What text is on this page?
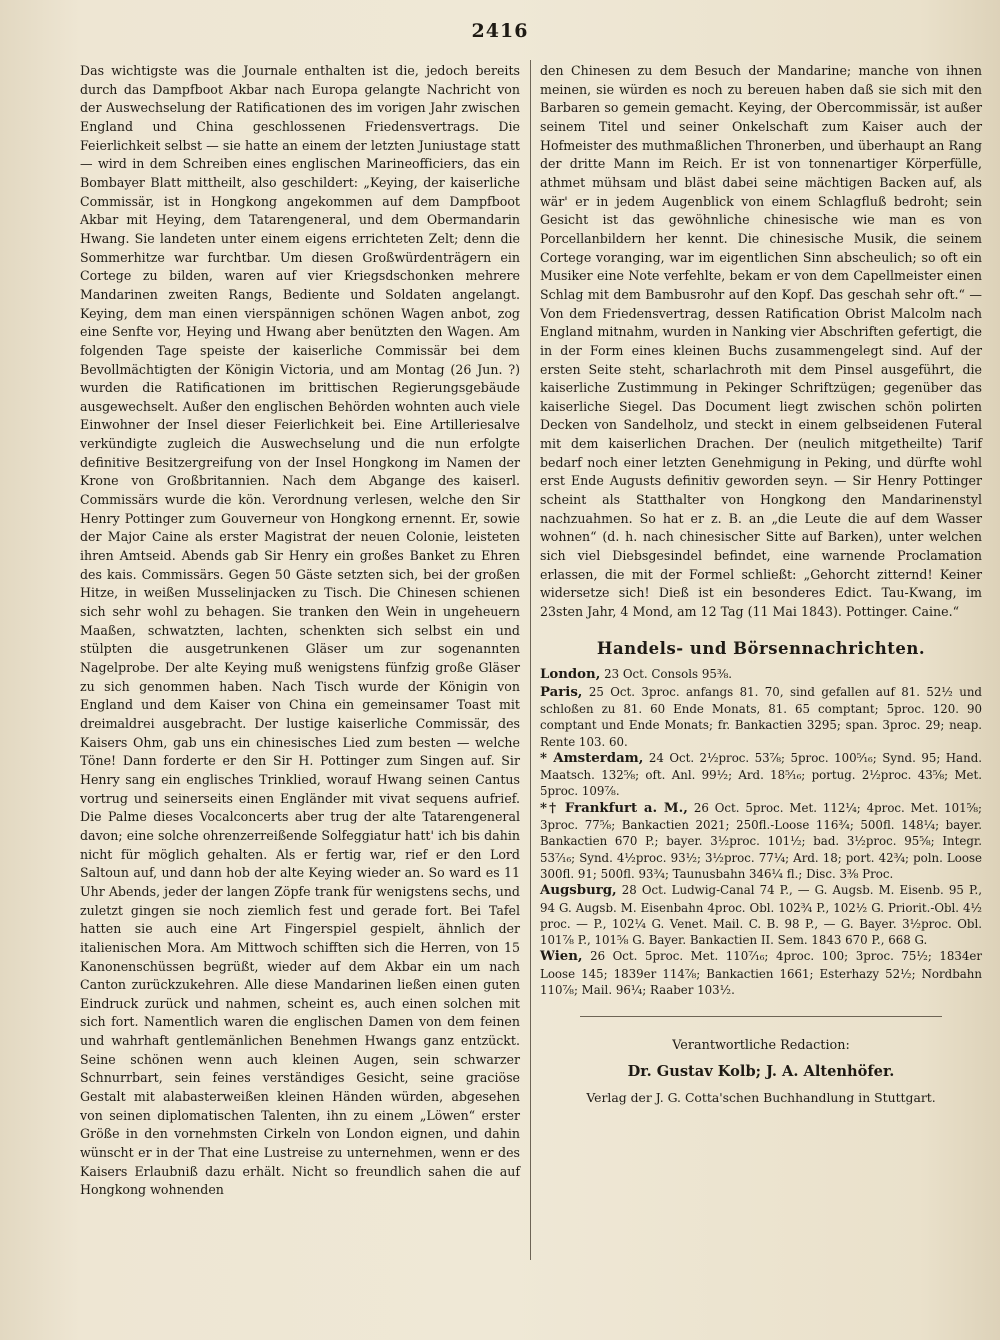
2416

Das wichtigste was die Journale enthalten ist die, jedoch bereits durch das Dampfboot Akbar nach Europa gelangte Nachricht von der Auswechselung der Ratificationen des im vorigen Jahr zwischen England und China geschlossenen Friedensvertrags. Die Feierlichkeit selbst — sie hatte an einem der letzten Juniustage statt — wird in dem Schreiben eines englischen Marineofficiers, das ein Bombayer Blatt mittheilt, also geschildert: „Keying, der kaiserliche Commissär, ist in Hongkong angekommen auf dem Dampfboot Akbar mit Heying, dem Tatarengeneral, und dem Obermandarin Hwang. Sie landeten unter einem eigens errichteten Zelt; denn die Sommerhitze war furchtbar. Um diesen Großwürdenträgern ein Cortege zu bilden, waren auf vier Kriegsdschonken mehrere Mandarinen zweiten Rangs, Bediente und Soldaten angelangt. Keying, dem man einen vierspännigen schönen Wagen anbot, zog eine Senfte vor, Heying und Hwang aber benützten den Wagen. Am folgenden Tage speiste der kaiserliche Commissär bei dem Bevollmächtigten der Königin Victoria, und am Montag (26 Jun. ?) wurden die Ratificationen im brittischen Regierungsgebäude ausgewechselt. Außer den englischen Behörden wohnten auch viele Einwohner der Insel dieser Feierlichkeit bei. Eine Artilleriesalve verkündigte zugleich die Auswechselung und die nun erfolgte definitive Besitzergreifung von der Insel Hongkong im Namen der Krone von Großbritannien. Nach dem Abgange des kaiserl. Commissärs wurde die kön. Verordnung verlesen, welche den Sir Henry Pottinger zum Gouverneur von Hongkong ernennt. Er, sowie der Major Caine als erster Magistrat der neuen Colonie, leisteten ihren Amtseid. Abends gab Sir Henry ein großes Banket zu Ehren des kais. Commissärs. Gegen 50 Gäste setzten sich, bei der großen Hitze, in weißen Musselinjacken zu Tisch. Die Chinesen schienen sich sehr wohl zu behagen. Sie tranken den Wein in ungeheuern Maaßen, schwatzten, lachten, schenkten sich selbst ein und stülpten die ausgetrunkenen Gläser um zur sogenannten Nagelprobe. Der alte Keying muß wenigstens fünfzig große Gläser zu sich genommen haben. Nach Tisch wurde der Königin von England und dem Kaiser von China ein gemeinsamer Toast mit dreimaldrei ausgebracht. Der lustige kaiserliche Commissär, des Kaisers Ohm, gab uns ein chinesisches Lied zum besten — welche Töne! Dann forderte er den Sir H. Pottinger zum Singen auf. Sir Henry sang ein englisches Trinklied, worauf Hwang seinen Cantus vortrug und seinerseits einen Engländer mit vivat sequens aufrief. Die Palme dieses Vocalconcerts aber trug der alte Tatarengeneral davon; eine solche ohrenzerreißende Solfeggiatur hatt' ich bis dahin nicht für möglich gehalten. Als er fertig war, rief er den Lord Saltoun auf, und dann hob der alte Keying wieder an. So ward es 11 Uhr Abends, jeder der langen Zöpfe trank für wenigstens sechs, und zuletzt gingen sie noch ziemlich fest und gerade fort. Bei Tafel hatten sie auch eine Art Fingerspiel gespielt, ähnlich der italienischen Mora. Am Mittwoch schifften sich die Herren, von 15 Kanonenschüssen begrüßt, wieder auf dem Akbar ein um nach Canton zurückzukehren. Alle diese Mandarinen ließen einen guten Eindruck zurück und nahmen, scheint es, auch einen solchen mit sich fort. Namentlich waren die englischen Damen von dem feinen und wahrhaft gentlemänlichen Benehmen Hwangs ganz entzückt. Seine schönen wenn auch kleinen Augen, sein schwarzer Schnurrbart, sein feines verständiges Gesicht, seine graciöse Gestalt mit alabasterweißen kleinen Händen würden, abgesehen von seinen diplomatischen Talenten, ihn zu einem „Löwen“ erster Größe in den vornehmsten Cirkeln von London eignen, und dahin wünscht er in der That eine Lustreise zu unternehmen, wenn er des Kaisers Erlaubniß dazu erhält. Nicht so freundlich sahen die auf Hongkong wohnenden

den Chinesen zu dem Besuch der Mandarine; manche von ihnen meinen, sie würden es noch zu bereuen haben daß sie sich mit den Barbaren so gemein gemacht. Keying, der Obercommissär, ist außer seinem Titel und seiner Onkelschaft zum Kaiser auch der Hofmeister des muthmaßlichen Thronerben, und überhaupt an Rang der dritte Mann im Reich. Er ist von tonnenartiger Körperfülle, athmet mühsam und bläst dabei seine mächtigen Backen auf, als wär' er in jedem Augenblick von einem Schlagfluß bedroht; sein Gesicht ist das gewöhnliche chinesische wie man es von Porcellanbildern her kennt. Die chinesische Musik, die seinem Cortege voranging, war im eigentlichen Sinn abscheulich; so oft ein Musiker eine Note verfehlte, bekam er von dem Capellmeister einen Schlag mit dem Bambusrohr auf den Kopf. Das geschah sehr oft.“ — Von dem Friedensvertrag, dessen Ratification Obrist Malcolm nach England mitnahm, wurden in Nanking vier Abschriften gefertigt, die in der Form eines kleinen Buchs zusammengelegt sind. Auf der ersten Seite steht, scharlachroth mit dem Pinsel ausgeführt, die kaiserliche Zustimmung in Pekinger Schriftzügen; gegenüber das kaiserliche Siegel. Das Document liegt zwischen schön polirten Decken von Sandelholz, und steckt in einem gelbseidenen Futeral mit dem kaiserlichen Drachen. Der (neulich mitgetheilte) Tarif bedarf noch einer letzten Genehmigung in Peking, und dürfte wohl erst Ende Augusts definitiv geworden seyn. — Sir Henry Pottinger scheint als Statthalter von Hongkong den Mandarinenstyl nachzuahmen. So hat er z. B. an „die Leute die auf dem Wasser wohnen“ (d. h. nach chinesischer Sitte auf Barken), unter welchen sich viel Diebsgesindel befindet, eine warnende Proclamation erlassen, die mit der Formel schließt: „Gehorcht zitternd! Keiner widersetze sich! Dieß ist ein besonderes Edict. Tau-Kwang, im 23sten Jahr, 4 Mond, am 12 Tag (11 Mai 1843). Pottinger. Caine.“

Handels- und Börsennachrichten.

London, 23 Oct. Consols 95⅜.

Paris, 25 Oct. 3proc. anfangs 81. 70, sind gefallen auf 81. 52½ und schloßen zu 81. 60 Ende Monats, 81. 65 comptant; 5proc. 120. 90 comptant und Ende Monats; fr. Bankactien 3295; span. 3proc. 29; neap. Rente 103. 60.

* Amsterdam, 24 Oct. 2½proc. 53⅞; 5proc. 100⁵⁄₁₆; Synd. 95; Hand. Maatsch. 132⅝; oft. Anl. 99½; Ard. 18⁵⁄₁₆; portug. 2½proc. 43⅝; Met. 5proc. 109⅞.

*† Frankfurt a. M., 26 Oct. 5proc. Met. 112¼; 4proc. Met. 101⅝; 3proc. 77⅝; Bankactien 2021; 250fl.-Loose 116¾; 500fl. 148¼; bayer. Bankactien 670 P.; bayer. 3½proc. 101½; bad. 3½proc. 95⅝; Integr. 53⁷⁄₁₆; Synd. 4½proc. 93½; 3½proc. 77¼; Ard. 18; port. 42¾; poln. Loose 300fl. 91; 500fl. 93¾; Taunusbahn 346¼ fl.; Disc. 3⅜ Proc.

Augsburg, 28 Oct. Ludwig-Canal 74 P., — G. Augsb. M. Eisenb. 95 P., 94 G. Augsb. M. Eisenbahn 4proc. Obl. 102¾ P., 102½ G. Priorit.-Obl. 4½ proc. — P., 102¼ G. Venet. Mail. C. B. 98 P., — G. Bayer. 3½proc. Obl. 101⅞ P., 101⅝ G. Bayer. Bankactien II. Sem. 1843 670 P., 668 G.

Wien, 26 Oct. 5proc. Met. 110⁷⁄₁₆; 4proc. 100; 3proc. 75½; 1834er Loose 145; 1839er 114⅞; Bankactien 1661; Esterhazy 52½; Nordbahn 110⅞; Mail. 96¼; Raaber 103½.

Verantwortliche Redaction:
Dr. Gustav Kolb; J. A. Altenhöfer.
Verlag der J. G. Cotta'schen Buchhandlung in Stuttgart.
